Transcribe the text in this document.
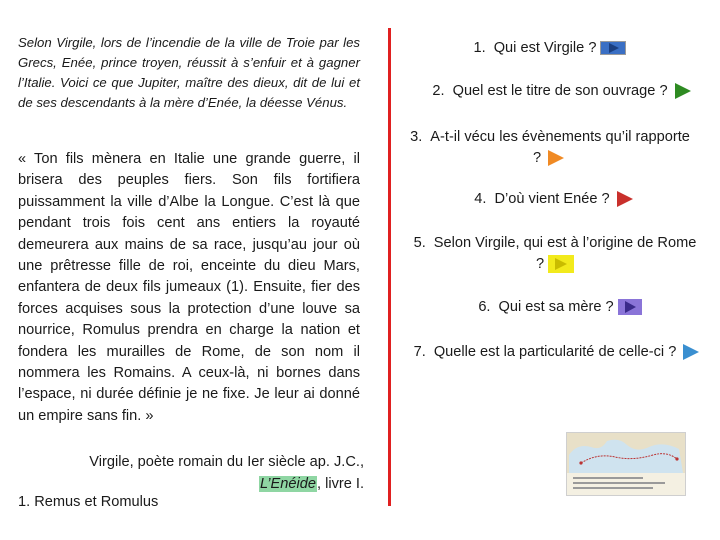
Selon Virgile, lors de l’incendie de la ville de Troie par les Grecs, Enée, prince troyen, réussit à s’enfuir et à gagner l’Italie. Voici ce que Jupiter, maître des dieux, dit de lui et de ses descendants à la mère d’Enée, la déesse Vénus.
« Ton fils mènera en Italie une grande guerre, il brisera des peuples fiers. Son fils fortifiera puissamment la ville d’Albe la Longue. C’est là que pendant trois fois cent ans entiers la royauté demeurera aux mains de sa race, jusqu’au jour où une prêtresse fille de roi, enceinte du dieu Mars, enfantera de deux fils jumeaux (1). Ensuite, fier des forces acquises sous la protection d’une louve sa nourrice, Romulus prendra en charge la nation et fondera les murailles de Rome, de son nom il nommera les Romains. A ceux-là, ni bornes dans l’espace, ni durée définie je ne fixe. Je leur ai donné un empire sans fin. »
Virgile, poète romain du Ier siècle ap. J.C.,
L’Enéide, livre I.
1. Remus et Romulus
1. Qui est Virgile ?
2. Quel est le titre de son ouvrage ?
3. A-t-il vécu les évènements qu’il rapporte ?
4. D’où vient Enée ?
5. Selon Virgile, qui est à l’origine de Rome ?
6. Qui est sa mère ?
7. Quelle est la particularité de celle-ci ?
